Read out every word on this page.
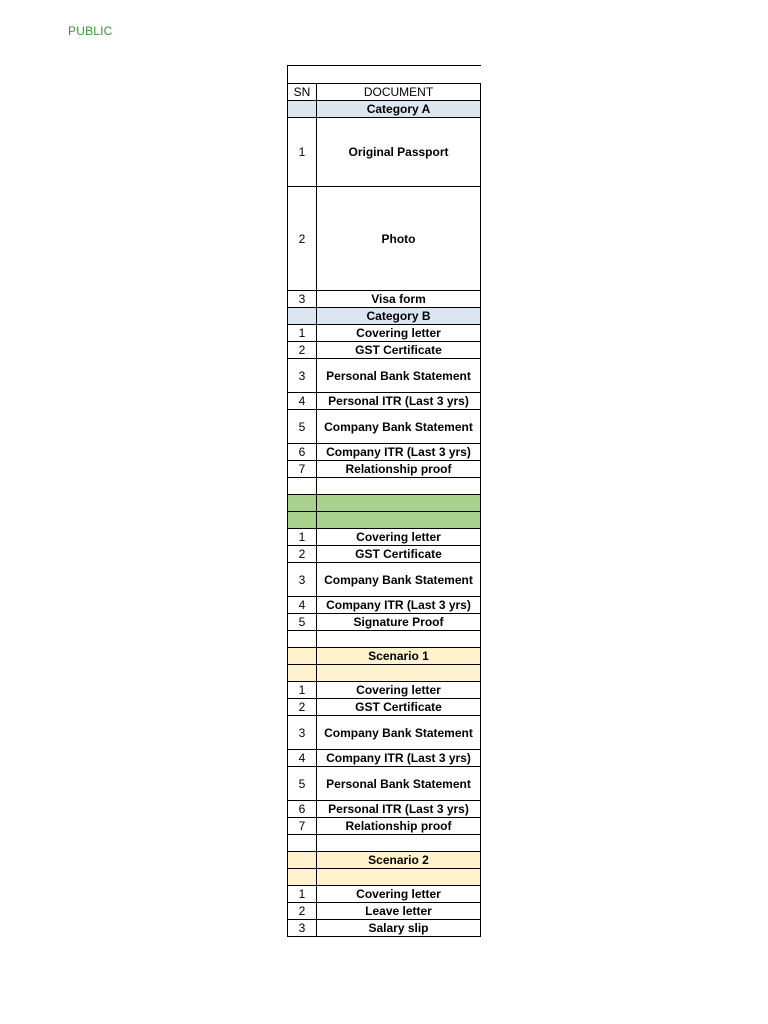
PUBLIC

SN	DOCUMENT
	Category A
1	Original Passport
2	Photo
3	Visa form
	Category B
1	Covering letter
2	GST Certificate
3	Personal Bank Statement
4	Personal ITR (Last 3 yrs)
5	Company Bank Statement
6	Company ITR (Last 3 yrs)
7	Relationship proof

1	Covering letter
2	GST Certificate
3	Company Bank Statement
4	Company ITR (Last 3 yrs)
5	Signature Proof

	Scenario 1

1	Covering letter
2	GST Certificate
3	Company Bank Statement
4	Company ITR (Last 3 yrs)
5	Personal Bank Statement
6	Personal ITR (Last 3 yrs)
7	Relationship proof

	Scenario 2

1	Covering letter
2	Leave letter
3	Salary slip
